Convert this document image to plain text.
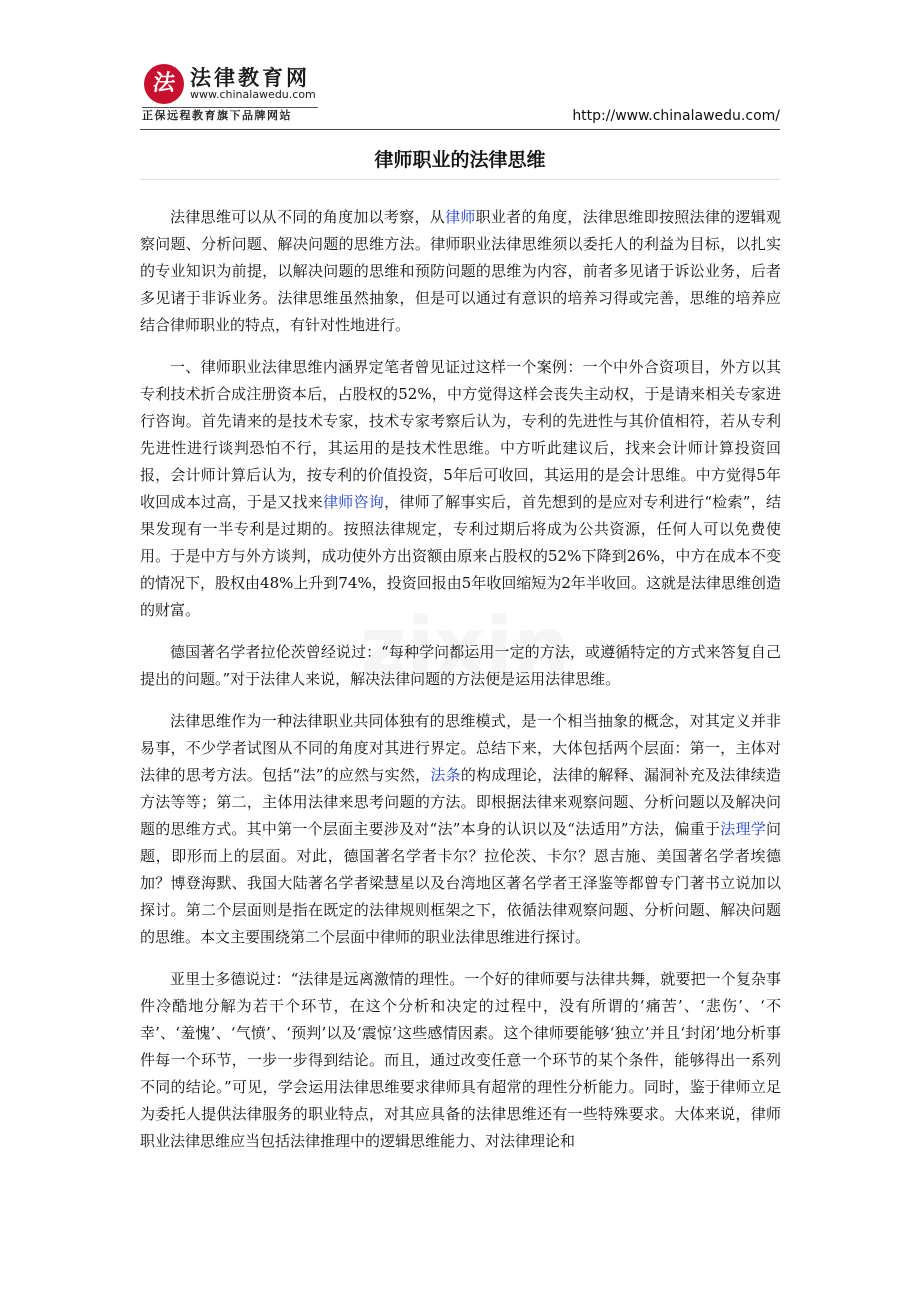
法 法律教育网
www.chinalawedu.com
正保远程教育旗下品牌网站	http://www.chinalawedu.com/
律师职业的法律思维

法律思维可以从不同的角度加以考察，从律师职业者的角度，法律思维即按照法律的逻辑观察问题、分析问题、解决问题的思维方法。律师职业法律思维须以委托人的利益为目标，以扎实的专业知识为前提，以解决问题的思维和预防问题的思维为内容，前者多见诸于诉讼业务，后者多见诸于非诉业务。法律思维虽然抽象，但是可以通过有意识的培养习得或完善，思维的培养应结合律师职业的特点，有针对性地进行。

一、律师职业法律思维内涵界定笔者曾见证过这样一个案例：一个中外合资项目，外方以其专利技术折合成注册资本后，占股权的52%，中方觉得这样会丧失主动权，于是请来相关专家进行咨询。首先请来的是技术专家，技术专家考察后认为，专利的先进性与其价值相符，若从专利先进性进行谈判恐怕不行，其运用的是技术性思维。中方听此建议后，找来会计师计算投资回报，会计师计算后认为，按专利的价值投资，5年后可收回，其运用的是会计思维。中方觉得5年收回成本过高，于是又找来律师咨询，律师了解事实后，首先想到的是应对专利进行“检索”，结果发现有一半专利是过期的。按照法律规定，专利过期后将成为公共资源，任何人可以免费使用。于是中方与外方谈判，成功使外方出资额由原来占股权的52%下降到26%，中方在成本不变的情况下，股权由48%上升到74%，投资回报由5年收回缩短为2年半收回。这就是法律思维创造的财富。

德国著名学者拉伦茨曾经说过：“每种学问都运用一定的方法，或遵循特定的方式来答复自己提出的问题。”对于法律人来说，解决法律问题的方法便是运用法律思维。

法律思维作为一种法律职业共同体独有的思维模式，是一个相当抽象的概念，对其定义并非易事，不少学者试图从不同的角度对其进行界定。总结下来，大体包括两个层面：第一，主体对法律的思考方法。包括“法”的应然与实然，法条的构成理论，法律的解释、漏洞补充及法律续造方法等等；第二，主体用法律来思考问题的方法。即根据法律来观察问题、分析问题以及解决问题的思维方式。其中第一个层面主要涉及对“法”本身的认识以及“法适用”方法，偏重于法理学问题，即形而上的层面。对此，德国著名学者卡尔？拉伦茨、卡尔？恩吉施、美国著名学者埃德加？博登海默、我国大陆著名学者梁慧星以及台湾地区著名学者王泽鉴等都曾专门著书立说加以探讨。第二个层面则是指在既定的法律规则框架之下，依循法律观察问题、分析问题、解决问题的思维。本文主要围绕第二个层面中律师的职业法律思维进行探讨。

亚里士多德说过：“法律是远离激情的理性。一个好的律师要与法律共舞，就要把一个复杂事件冷酷地分解为若干个环节，在这个分析和决定的过程中，没有所谓的‘痛苦’、‘悲伤’、‘不幸’、‘羞愧’、‘气愤’、‘预判’以及‘震惊’这些感情因素。这个律师要能够‘独立’并且‘封闭’地分析事件每一个环节，一步一步得到结论。而且，通过改变任意一个环节的某个条件，能够得出一系列不同的结论。”可见，学会运用法律思维要求律师具有超常的理性分析能力。同时，鉴于律师立足为委托人提供法律服务的职业特点，对其应具备的法律思维还有一些特殊要求。大体来说，律师职业法律思维应当包括法律推理中的逻辑思维能力、对法律理论和
